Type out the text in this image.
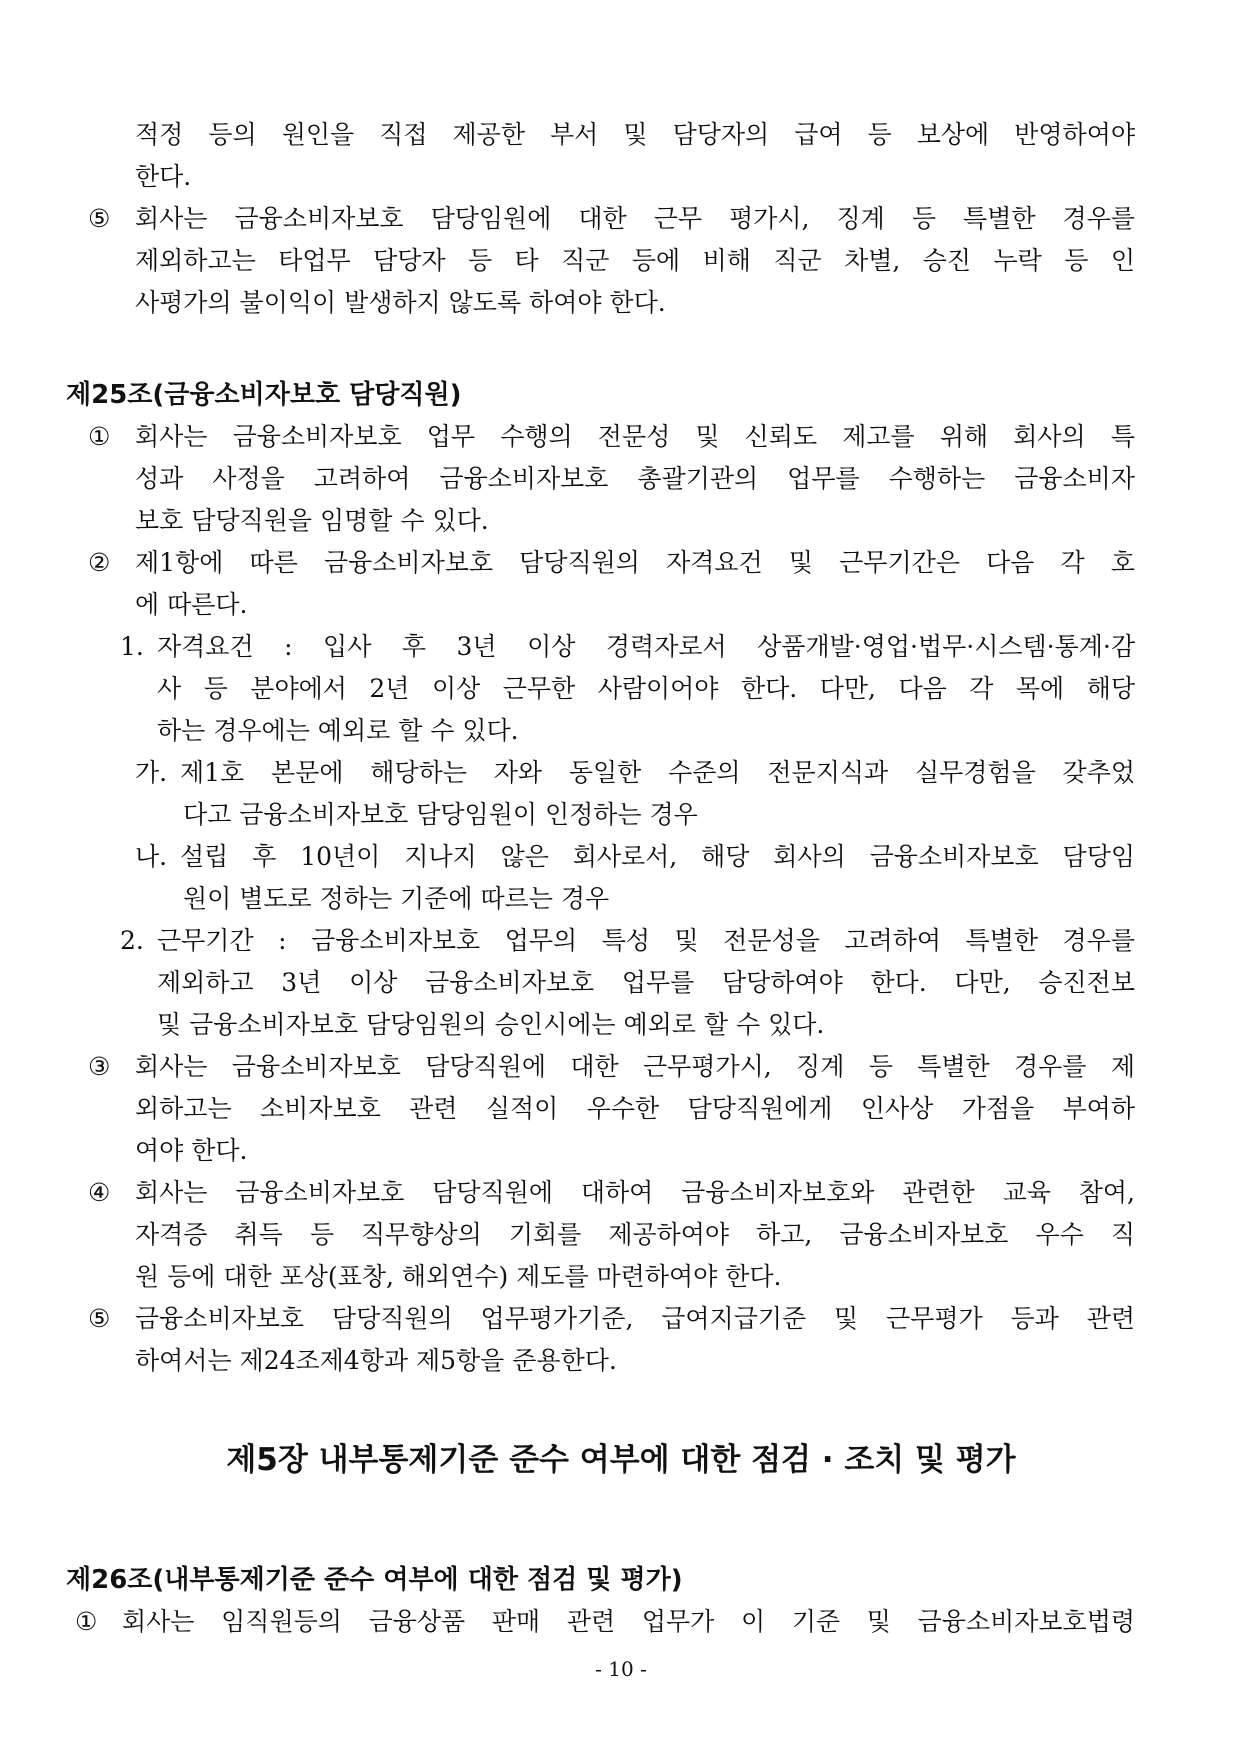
적정 등의 원인을 직접 제공한 부서 및 담당자의 급여 등 보상에 반영하여야
한다.
⑤ 회사는 금융소비자보호 담당임원에 대한 근무 평가시, 징계 등 특별한 경우를
제외하고는 타업무 담당자 등 타 직군 등에 비해 직군 차별, 승진 누락 등 인
사평가의 불이익이 발생하지 않도록 하여야 한다.
제25조(금융소비자보호 담당직원)
① 회사는 금융소비자보호 업무 수행의 전문성 및 신뢰도 제고를 위해 회사의 특
성과 사정을 고려하여 금융소비자보호 총괄기관의 업무를 수행하는 금융소비자
보호 담당직원을 임명할 수 있다.
② 제1항에 따른 금융소비자보호 담당직원의 자격요건 및 근무기간은 다음 각 호
에 따른다.
1. 자격요건 : 입사 후 3년 이상 경력자로서 상품개발·영업·법무·시스템·통계·감
사 등 분야에서 2년 이상 근무한 사람이어야 한다. 다만, 다음 각 목에 해당
하는 경우에는 예외로 할 수 있다.
가. 제1호 본문에 해당하는 자와 동일한 수준의 전문지식과 실무경험을 갖추었
다고 금융소비자보호 담당임원이 인정하는 경우
나. 설립 후 10년이 지나지 않은 회사로서, 해당 회사의 금융소비자보호 담당임
원이 별도로 정하는 기준에 따르는 경우
2. 근무기간 : 금융소비자보호 업무의 특성 및 전문성을 고려하여 특별한 경우를
제외하고 3년 이상 금융소비자보호 업무를 담당하여야 한다. 다만, 승진전보
및 금융소비자보호 담당임원의 승인시에는 예외로 할 수 있다.
③ 회사는 금융소비자보호 담당직원에 대한 근무평가시, 징계 등 특별한 경우를 제
외하고는 소비자보호 관련 실적이 우수한 담당직원에게 인사상 가점을 부여하
여야 한다.
④ 회사는 금융소비자보호 담당직원에 대하여 금융소비자보호와 관련한 교육 참여,
자격증 취득 등 직무향상의 기회를 제공하여야 하고, 금융소비자보호 우수 직
원 등에 대한 포상(표창, 해외연수) 제도를 마련하여야 한다.
⑤ 금융소비자보호 담당직원의 업무평가기준, 급여지급기준 및 근무평가 등과 관련
하여서는 제24조제4항과 제5항을 준용한다.
제5장 내부통제기준 준수 여부에 대한 점검 · 조치 및 평가
제26조(내부통제기준 준수 여부에 대한 점검 및 평가)
① 회사는 임직원등의 금융상품 판매 관련 업무가 이 기준 및 금융소비자보호법령
- 10 -
